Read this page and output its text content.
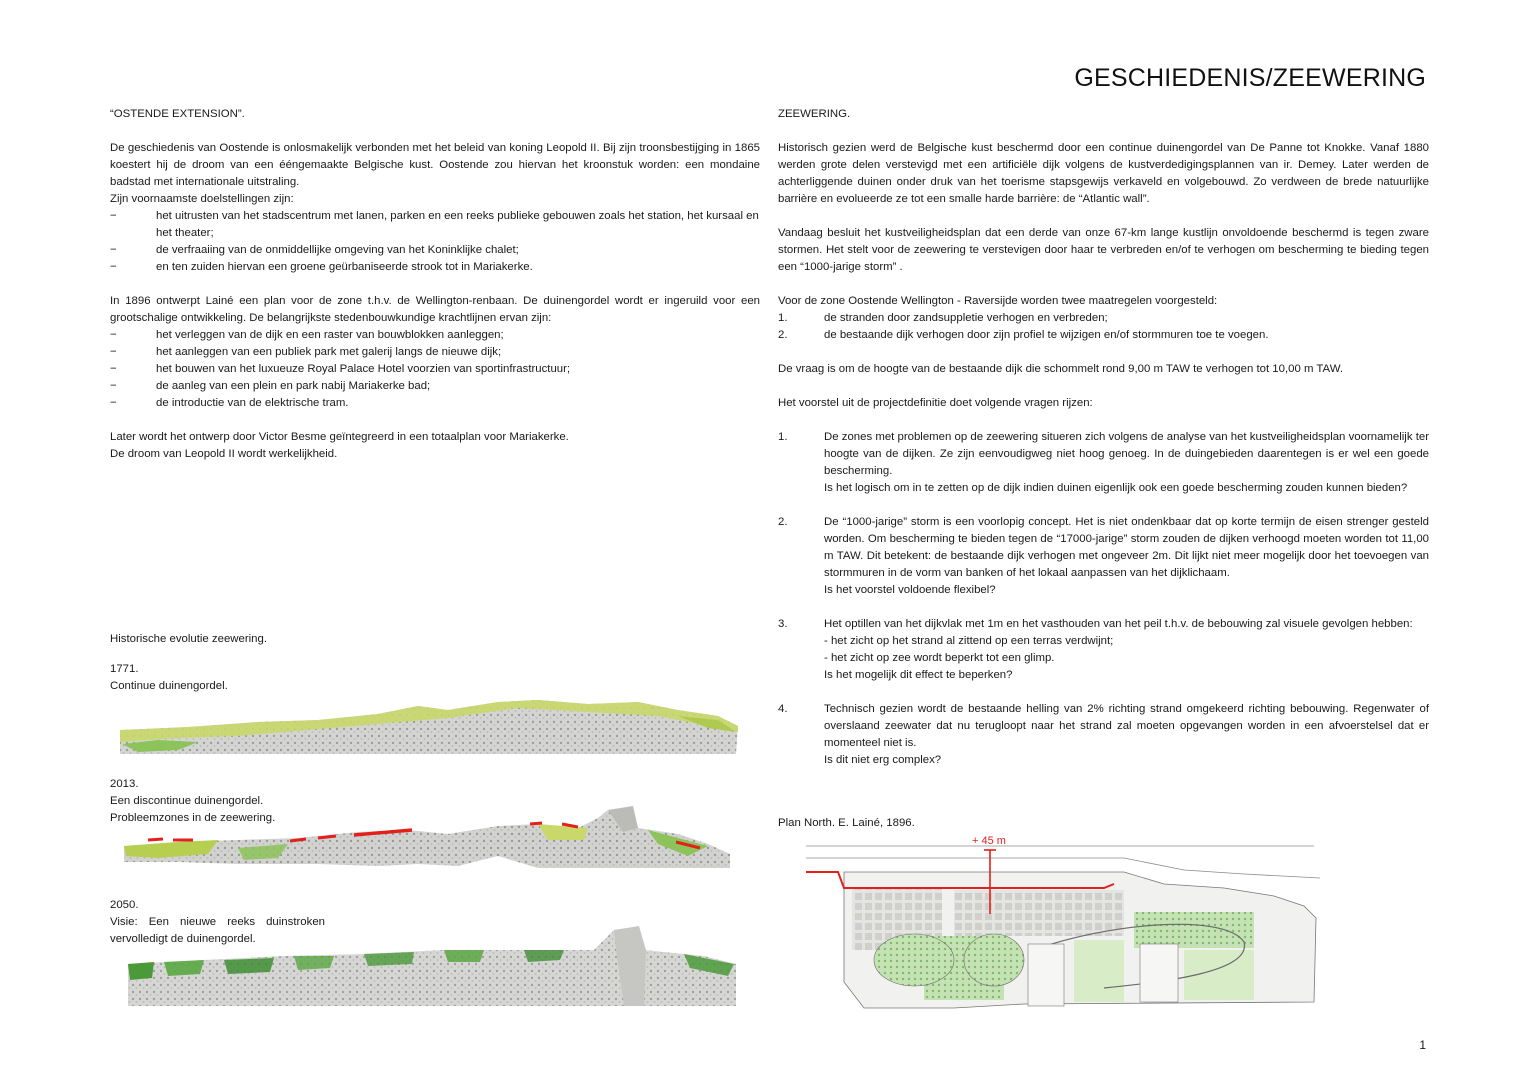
GESCHIEDENIS/ZEEWERING

“OSTENDE EXTENSION”.

De geschiedenis van Oostende is onlosmakelijk verbonden met het beleid van koning Leopold II. Bij zijn troonsbestijging in 1865 koestert hij de droom van een ééngemaakte Belgische kust. Oostende zou hiervan het kroonstuk worden: een mondaine badstad met internationale uitstraling.

Zijn voornaamste doelstellingen zijn:

−	het uitrusten van het stadscentrum met lanen, parken en een reeks publieke gebouwen zoals het station, het kursaal en het theater;
−	de verfraaiing van de onmiddellijke omgeving van het Koninklijke chalet;
−	en ten zuiden hiervan een groene geürbaniseerde strook tot in Mariakerke.

In 1896 ontwerpt Lainé een plan voor de zone t.h.v. de Wellington-renbaan. De duinengordel wordt er ingeruild voor een grootschalige ontwikkeling. De belangrijkste stedenbouwkundige krachtlijnen ervan zijn:

−	het verleggen van de dijk en een raster van bouwblokken aanleggen;
−	het aanleggen van een publiek park met galerij langs de nieuwe dijk;
−	het bouwen van het luxueuze Royal Palace Hotel voorzien van sportinfrastructuur;
−	de aanleg van een plein en park nabij Mariakerke bad;
−	de introductie van de elektrische tram.

Later wordt het ontwerp door Victor Besme geïntegreerd in een totaalplan voor Mariakerke.

De droom van Leopold II wordt werkelijkheid.

Historische evolutie zeewering.
1771.
Continue duinengordel.
2013.
Een discontinue duinengordel.
Probleemzones in de zeewering.
2050.
Visie: Een nieuwe reeks duinstroken
vervolledigt de duinengordel.

ZEEWERING.

Historisch gezien werd de Belgische kust beschermd door een continue duinengordel van De Panne tot Knokke. Vanaf 1880 werden grote delen verstevigd met een artificiële dijk volgens de kustverdedigingsplannen van ir. Demey. Later werden de achterliggende duinen onder druk van het toerisme stapsgewijs verkaveld en volgebouwd. Zo verdween de brede natuurlijke barrière en evolueerde ze tot een smalle harde barrière: de “Atlantic wall”.

Vandaag besluit het kustveiligheidsplan dat een derde van onze 67-km lange kustlijn onvoldoende beschermd is tegen zware stormen. Het stelt voor de zeewering te verstevigen door haar te verbreden en/of te verhogen om bescherming te bieding tegen een “1000-jarige storm” .

Voor de zone Oostende Wellington - Raversijde worden twee maatregelen voorgesteld:

1.	de stranden door zandsuppletie verhogen en verbreden;
2.	de bestaande dijk verhogen door zijn profiel te wijzigen en/of stormmuren toe te voegen.

De vraag is om de hoogte van de bestaande dijk die schommelt rond 9,00 m TAW te verhogen tot 10,00 m TAW.

Het voorstel uit de projectdefinitie doet volgende vragen rijzen:

1.	De zones met problemen op de zeewering situeren zich volgens de analyse van het kustveiligheidsplan voornamelijk ter hoogte van de dijken. Ze zijn eenvoudigweg niet hoog genoeg. In de duingebieden daarentegen is er wel een goede bescherming.

Is het logisch om in te zetten op de dijk indien duinen eigenlijk ook een goede bescherming zouden kunnen bieden?

2.	De “1000-jarige” storm is een voorlopig concept. Het is niet ondenkbaar dat op korte termijn de eisen strenger gesteld worden. Om bescherming te bieden tegen de “17000-jarige” storm zouden de dijken verhoogd moeten worden tot 11,00 m TAW. Dit betekent: de bestaande dijk verhogen met ongeveer 2m. Dit lijkt niet meer mogelijk door het toevoegen van stormmuren in de vorm van banken of het lokaal aanpassen van het dijklichaam.

Is het voorstel voldoende flexibel?

3.	Het optillen van het dijkvlak met 1m en het vasthouden van het peil t.h.v. de bebouwing zal visuele gevolgen hebben:

- het zicht op het strand al zittend op een terras verdwijnt;

- het zicht op zee wordt beperkt tot een glimp.

Is het mogelijk dit effect te beperken?

4.	Technisch gezien wordt de bestaande helling van 2% richting strand omgekeerd richting bebouwing. Regenwater of overslaand zeewater dat nu terugloopt naar het strand zal moeten opgevangen worden in een afvoerstelsel dat er momenteel niet is.

Is dit niet erg complex?

Plan North. E. Lainé, 1896.
+ 45 m
1
